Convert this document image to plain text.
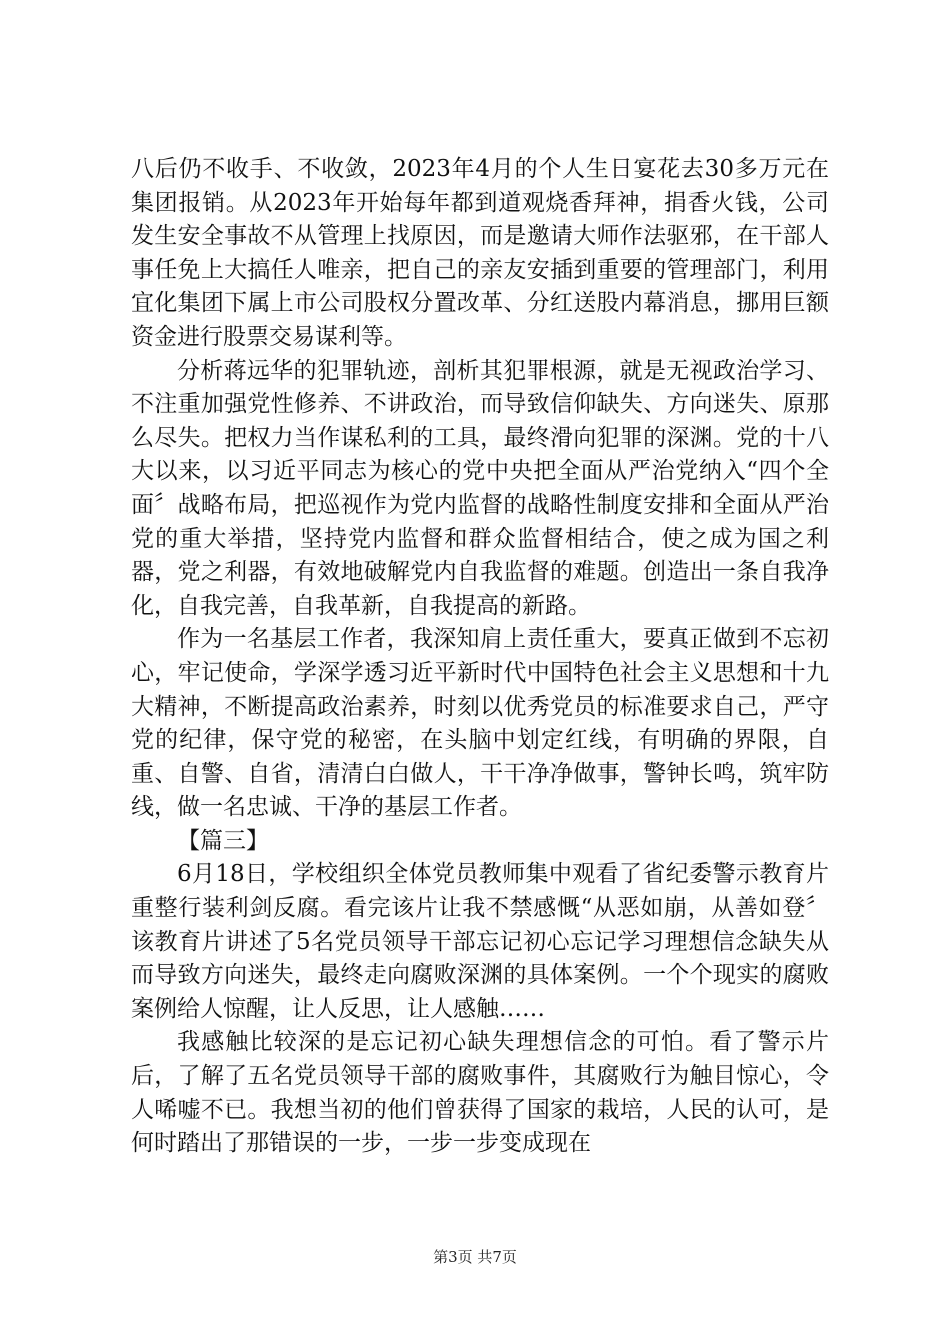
八后仍不收手、不收敛，2023年4月的个人生日宴花去30多万元在集团报销。从2023年开始每年都到道观烧香拜神，捐香火钱，公司发生安全事故不从管理上找原因，而是邀请大师作法驱邪，在干部人事任免上大搞任人唯亲，把自己的亲友安插到重要的管理部门，利用宜化集团下属上市公司股权分置改革、分红送股内幕消息，挪用巨额资金进行股票交易谋利等。

分析蒋远华的犯罪轨迹，剖析其犯罪根源，就是无视政治学习、不注重加强党性修养、不讲政治，而导致信仰缺失、方向迷失、原那么尽失。把权力当作谋私利的工具，最终滑向犯罪的深渊。党的十八大以来，以习近平同志为核心的党中央把全面从严治党纳入“四个全面〞战略布局，把巡视作为党内监督的战略性制度安排和全面从严治党的重大举措，坚持党内监督和群众监督相结合，使之成为国之利器，党之利器，有效地破解党内自我监督的难题。创造出一条自我净化，自我完善，自我革新，自我提高的新路。

作为一名基层工作者，我深知肩上责任重大，要真正做到不忘初心，牢记使命，学深学透习近平新时代中国特色社会主义思想和十九大精神，不断提高政治素养，时刻以优秀党员的标准要求自己，严守党的纪律，保守党的秘密，在头脑中划定红线，有明确的界限，自重、自警、自省，清清白白做人，干干净净做事，警钟长鸣，筑牢防线，做一名忠诚、干净的基层工作者。

【篇三】

6月18日，学校组织全体党员教师集中观看了省纪委警示教育片重整行装利剑反腐。看完该片让我不禁感慨“从恶如崩，从善如登〞该教育片讲述了5名党员领导干部忘记初心忘记学习理想信念缺失从而导致方向迷失，最终走向腐败深渊的具体案例。一个个现实的腐败案例给人惊醒，让人反思，让人感触……

我感触比较深的是忘记初心缺失理想信念的可怕。看了警示片后，了解了五名党员领导干部的腐败事件，其腐败行为触目惊心，令人唏嘘不已。我想当初的他们曾获得了国家的栽培，人民的认可，是何时踏出了那错误的一步，一步一步变成现在

第3页 共7页
